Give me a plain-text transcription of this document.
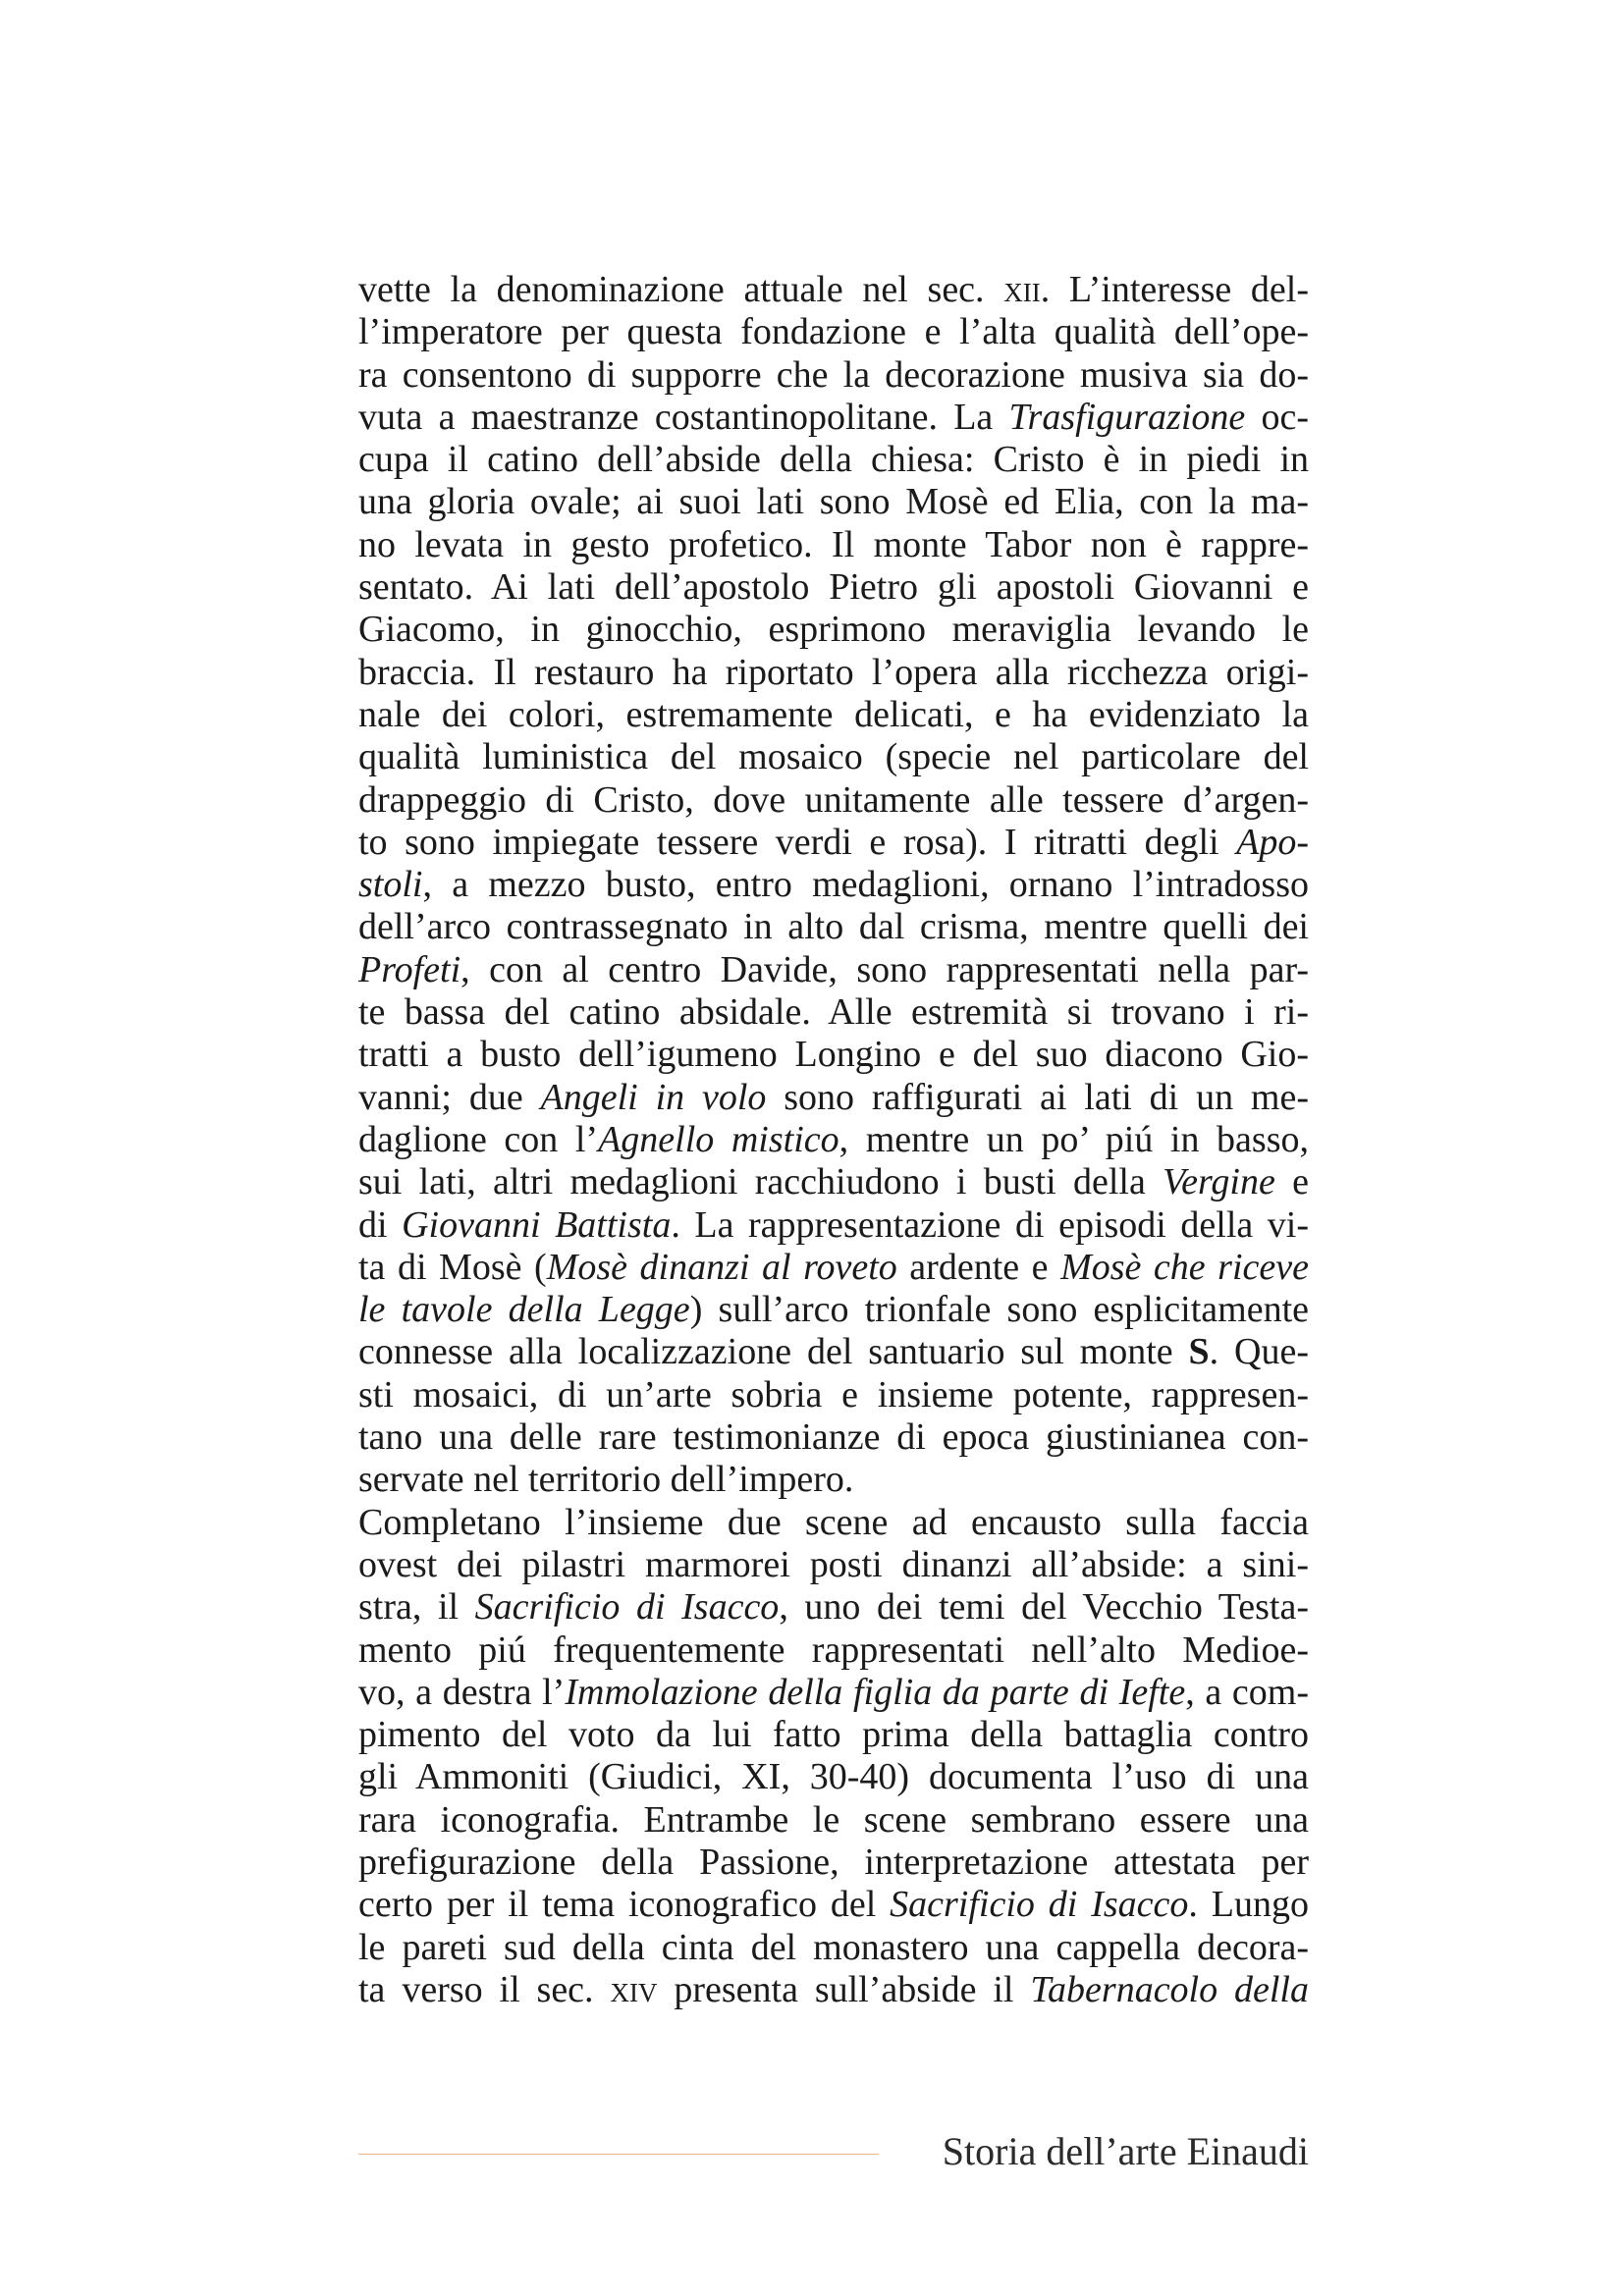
vette la denominazione attuale nel sec. xii. L’interesse del-
l’imperatore per questa fondazione e l’alta qualità dell’ope-
ra consentono di supporre che la decorazione musiva sia do-
vuta a maestranze costantinopolitane. La Trasfigurazione oc-
cupa il catino dell’abside della chiesa: Cristo è in piedi in
una gloria ovale; ai suoi lati sono Mosè ed Elia, con la ma-
no levata in gesto profetico. Il monte Tabor non è rappre-
sentato. Ai lati dell’apostolo Pietro gli apostoli Giovanni e
Giacomo, in ginocchio, esprimono meraviglia levando le
braccia. Il restauro ha riportato l’opera alla ricchezza origi-
nale dei colori, estremamente delicati, e ha evidenziato la
qualità luministica del mosaico (specie nel particolare del
drappeggio di Cristo, dove unitamente alle tessere d’argen-
to sono impiegate tessere verdi e rosa). I ritratti degli Apo-
stoli, a mezzo busto, entro medaglioni, ornano l’intradosso
dell’arco contrassegnato in alto dal crisma, mentre quelli dei
Profeti, con al centro Davide, sono rappresentati nella par-
te bassa del catino absidale. Alle estremità si trovano i ri-
tratti a busto dell’igumeno Longino e del suo diacono Gio-
vanni; due Angeli in volo sono raffigurati ai lati di un me-
daglione con l’Agnello mistico, mentre un po’ piú in basso,
sui lati, altri medaglioni racchiudono i busti della Vergine e
di Giovanni Battista. La rappresentazione di episodi della vi-
ta di Mosè (Mosè dinanzi al roveto ardente e Mosè che riceve
le tavole della Legge) sull’arco trionfale sono esplicitamente
connesse alla localizzazione del santuario sul monte S. Que-
sti mosaici, di un’arte sobria e insieme potente, rappresen-
tano una delle rare testimonianze di epoca giustinianea con-
servate nel territorio dell’impero.
Completano l’insieme due scene ad encausto sulla faccia
ovest dei pilastri marmorei posti dinanzi all’abside: a sini-
stra, il Sacrificio di Isacco, uno dei temi del Vecchio Testa-
mento piú frequentemente rappresentati nell’alto Medioe-
vo, a destra l’Immolazione della figlia da parte di Iefte, a com-
pimento del voto da lui fatto prima della battaglia contro
gli Ammoniti (Giudici, XI, 30-40) documenta l’uso di una
rara iconografia. Entrambe le scene sembrano essere una
prefigurazione della Passione, interpretazione attestata per
certo per il tema iconografico del Sacrificio di Isacco. Lungo
le pareti sud della cinta del monastero una cappella decora-
ta verso il sec. xiv presenta sull’abside il Tabernacolo della
Storia dell’arte Einaudi
